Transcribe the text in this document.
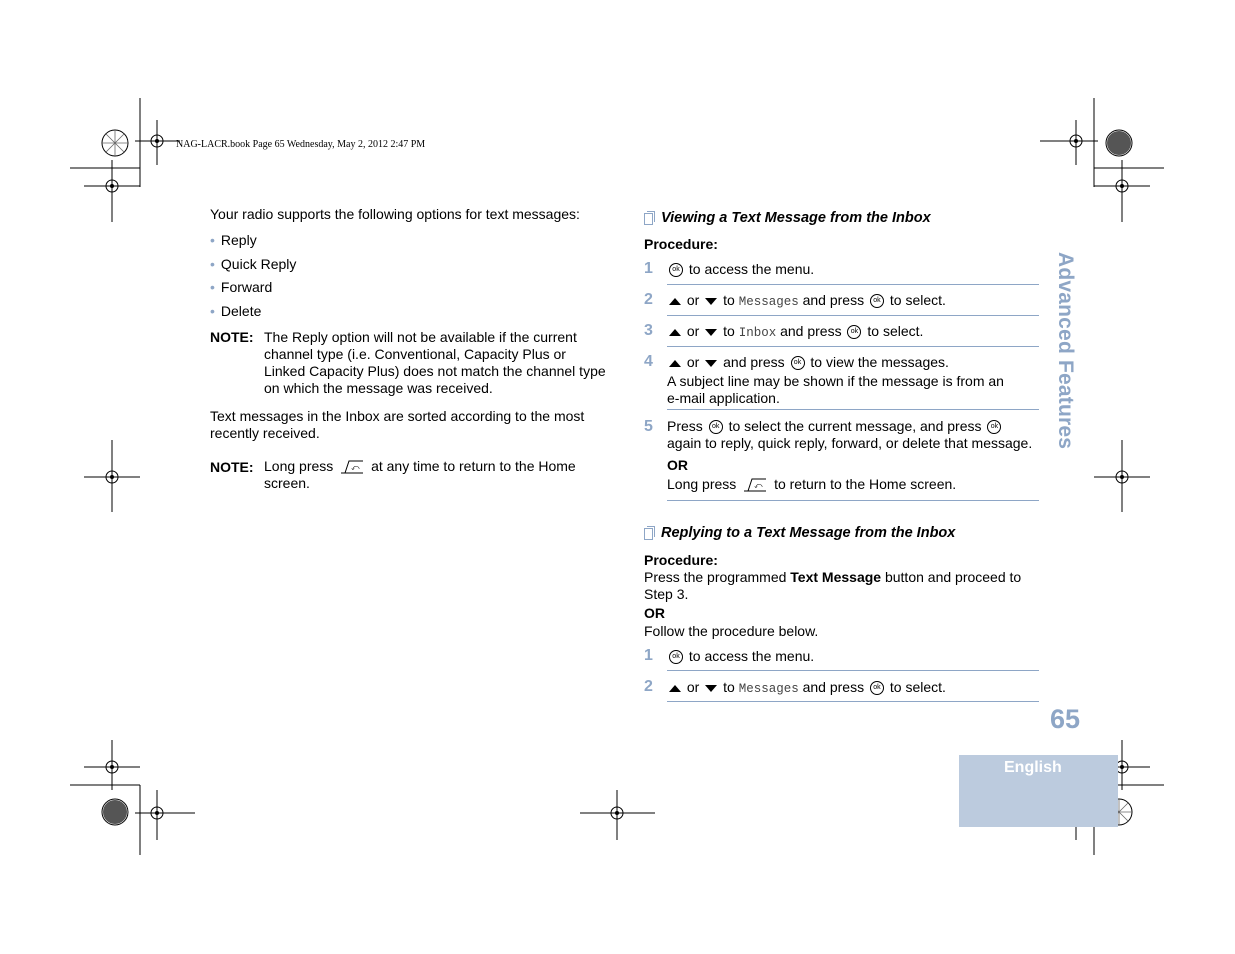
NAG-LACR.book Page 65 Wednesday, May 2, 2012 2:47 PM
Your radio supports the following options for text messages:
• Reply
• Quick Reply
• Forward
• Delete
NOTE: The Reply option will not be available if the current channel type (i.e. Conventional, Capacity Plus or Linked Capacity Plus) does not match the channel type on which the message was received.
Text messages in the Inbox are sorted according to the most recently received.
NOTE: Long press ⤺ at any time to return to the Home screen.
Viewing a Text Message from the Inbox
Procedure:
1	ok to access the menu.
2	or to Messages and press ok to select.
3	or to Inbox and press ok to select.
4	or and press ok to view the messages.
A subject line may be shown if the message is from an e-mail application.
5 Press ok to select the current message, and press ok again to reply, quick reply, forward, or delete that message.
OR
Long press ⤺ to return to the Home screen.
Replying to a Text Message from the Inbox
Procedure:
Press the programmed Text Message button and proceed to Step 3.
OR
Follow the procedure below.
1	ok to access the menu.
2	or to Messages and press ok to select.
Advanced Features
65
English
